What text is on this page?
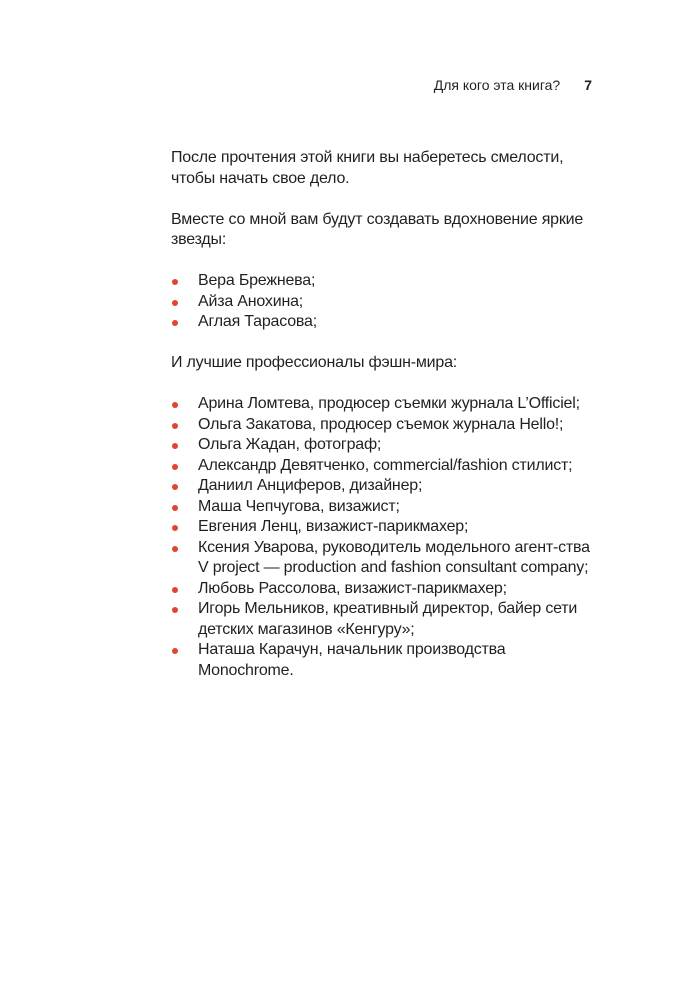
Для кого эта книга? 7

После прочтения этой книги вы наберетесь смелости, чтобы начать свое дело.

Вместе со мной вам будут создавать вдохновение яркие звезды:

Вера Брежнева;
Айза Анохина;
Аглая Тарасова;

И лучшие профессионалы фэшн-мира:

Арина Ломтева, продюсер съемки журнала L’Officiel;
Ольга Закатова, продюсер съемок журнала Hello!;
Ольга Жадан, фотограф;
Александр Девятченко, commercial/fashion стилист;
Даниил Анциферов, дизайнер;
Маша Чепчугова, визажист;
Евгения Ленц, визажист-парикмахер;
Ксения Уварова, руководитель модельного агент-ства V project — production and fashion consultant company;
Любовь Рассолова, визажист-парикмахер;
Игорь Мельников, креативный директор, байер сети детских магазинов «Кенгуру»;
Наташа Карачун, начальник производства Monochrome.
